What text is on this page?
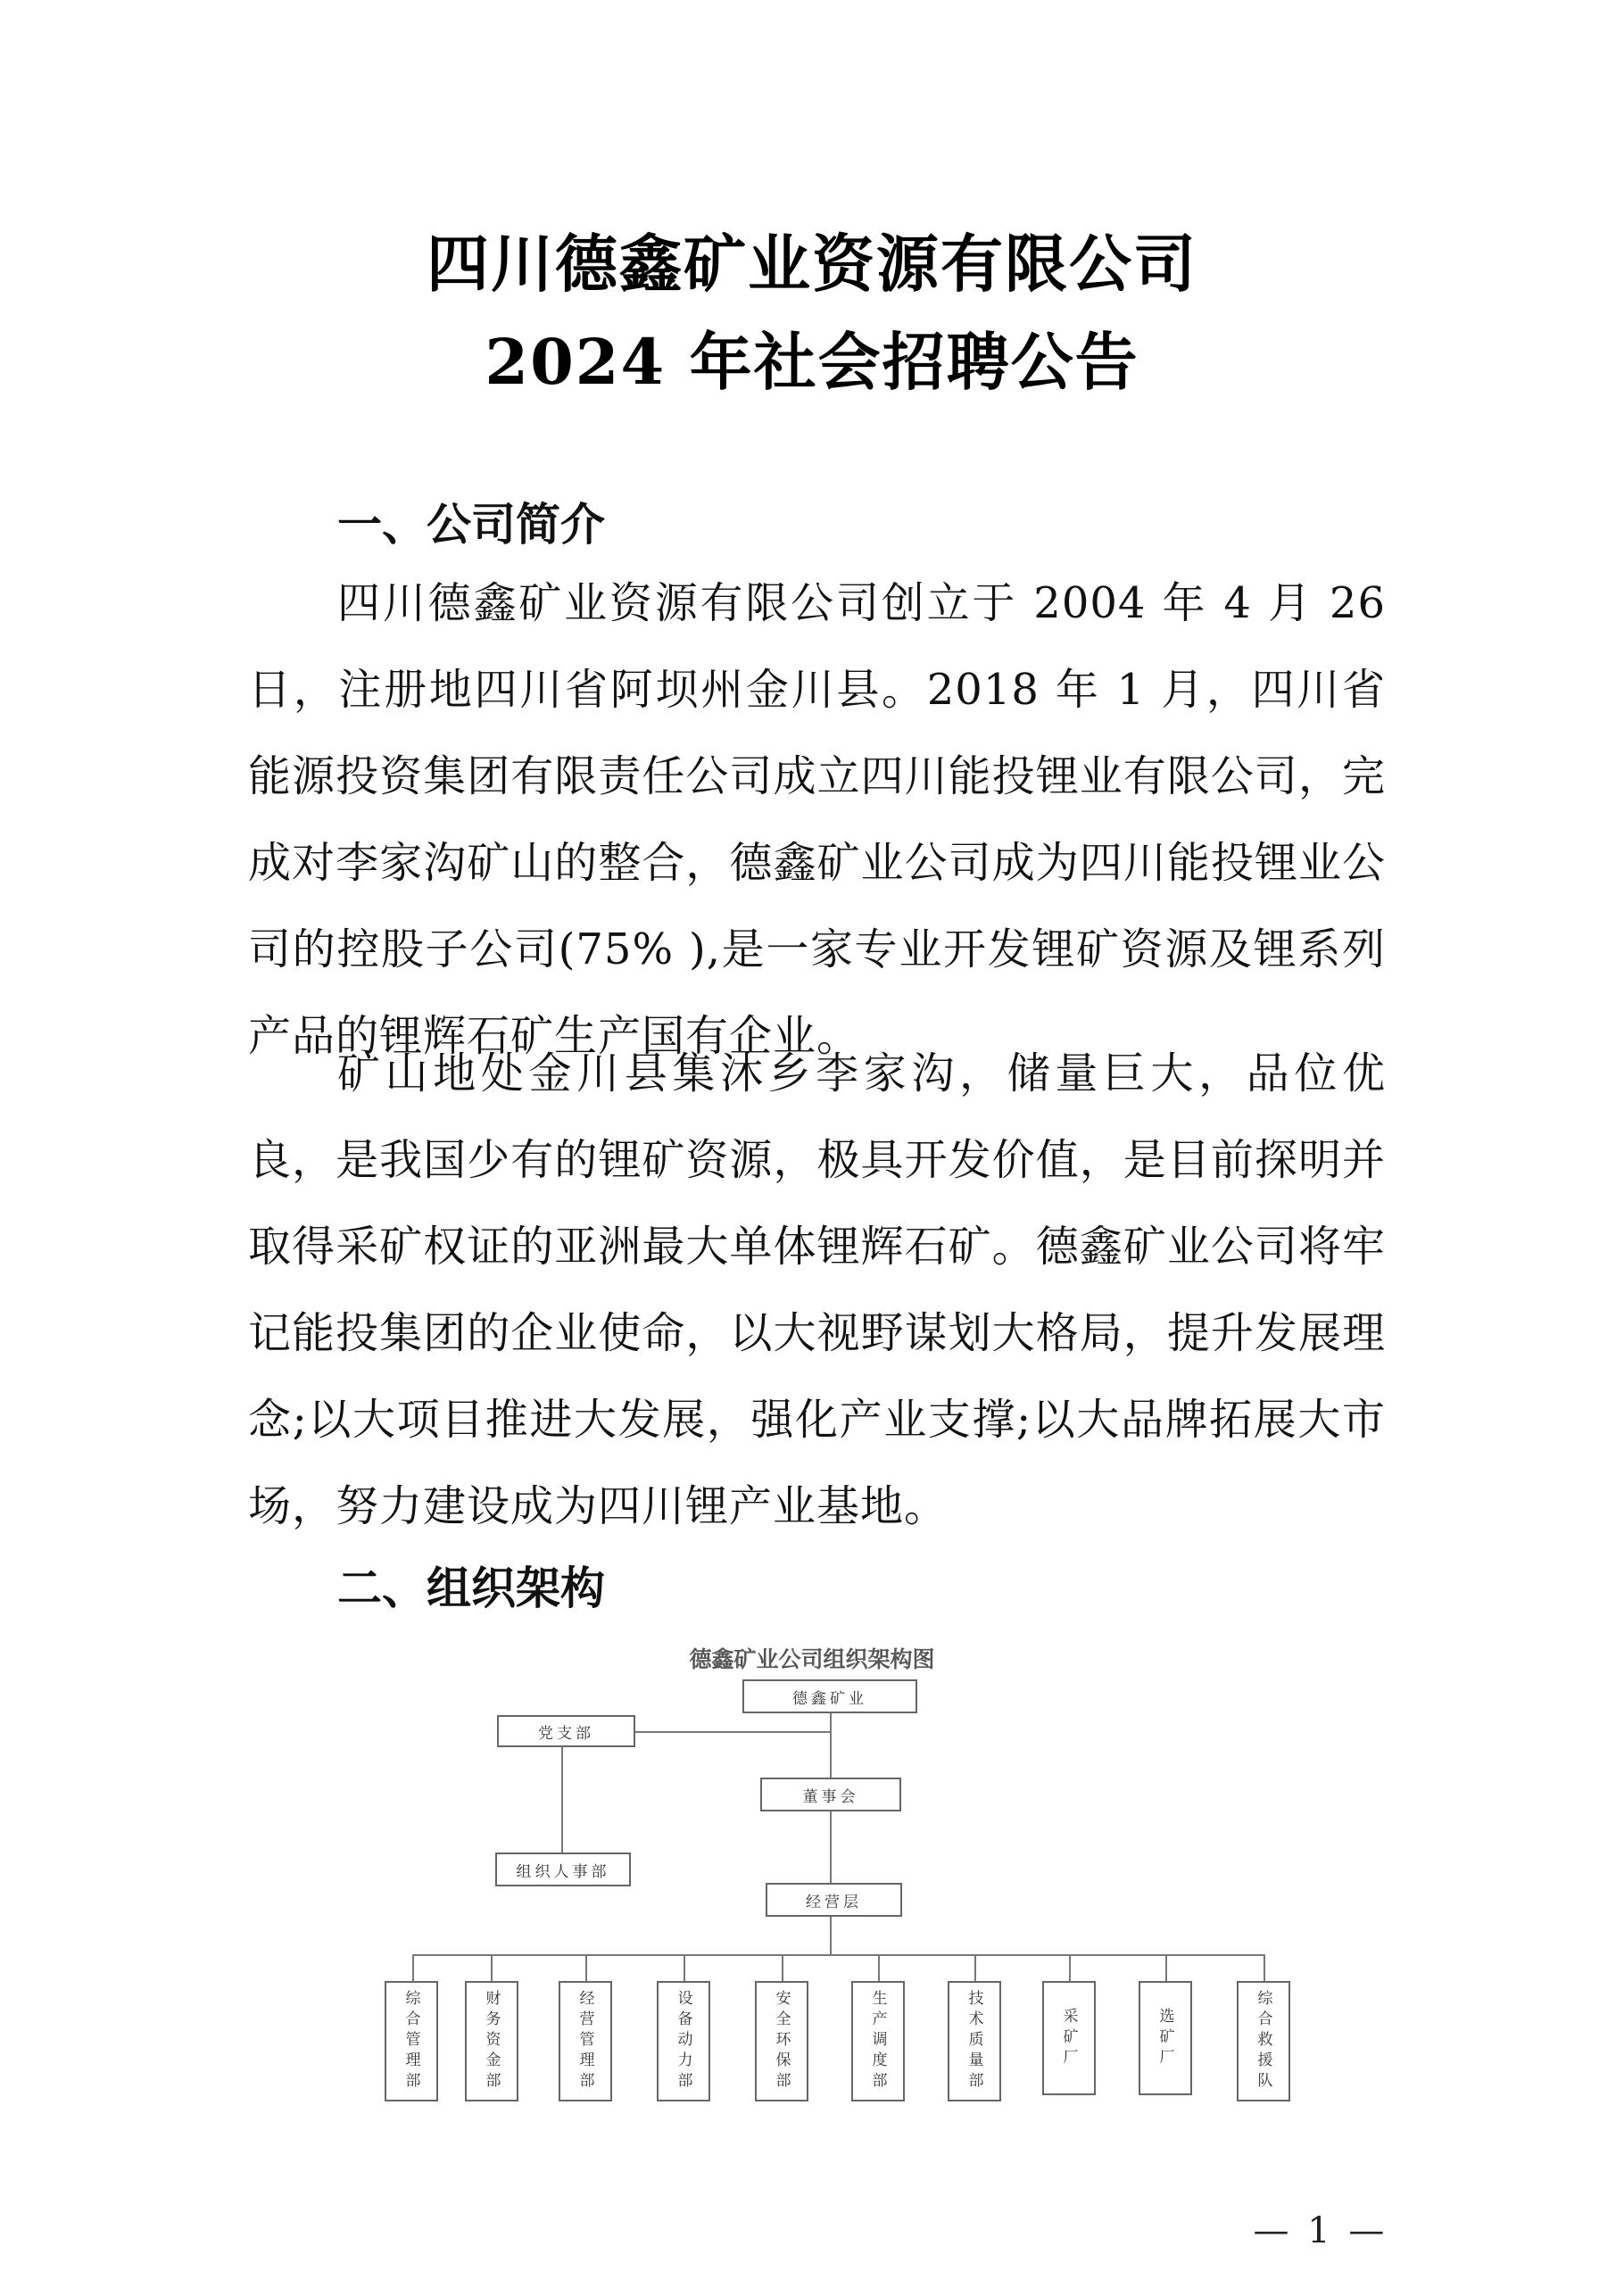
四川德鑫矿业资源有限公司
2024 年社会招聘公告
一、公司简介

四川德鑫矿业资源有限公司创立于 2004 年 4 月 26 日，注册地四川省阿坝州金川县。2018 年 1 月，四川省能源投资集团有限责任公司成立四川能投锂业有限公司，完成对李家沟矿山的整合，德鑫矿业公司成为四川能投锂业公司的控股子公司(75% ),是一家专业开发锂矿资源及锂系列产品的锂辉石矿生产国有企业。

矿山地处金川县集沐乡李家沟，储量巨大，品位优良，是我国少有的锂矿资源，极具开发价值，是目前探明并取得采矿权证的亚洲最大单体锂辉石矿。德鑫矿业公司将牢记能投集团的企业使命，以大视野谋划大格局，提升发展理念;以大项目推进大发展，强化产业支撑;以大品牌拓展大市场，努力建设成为四川锂产业基地。

二、组织架构
德鑫矿业公司组织架构图
党支部
德鑫矿业
董事会
组织人事部
经营层
综合管理部	财务资金部	经营管理部	设备动力部	安全环保部	生产调度部	技术质量部	采矿厂	选矿厂	综合救援队
— 1 —
